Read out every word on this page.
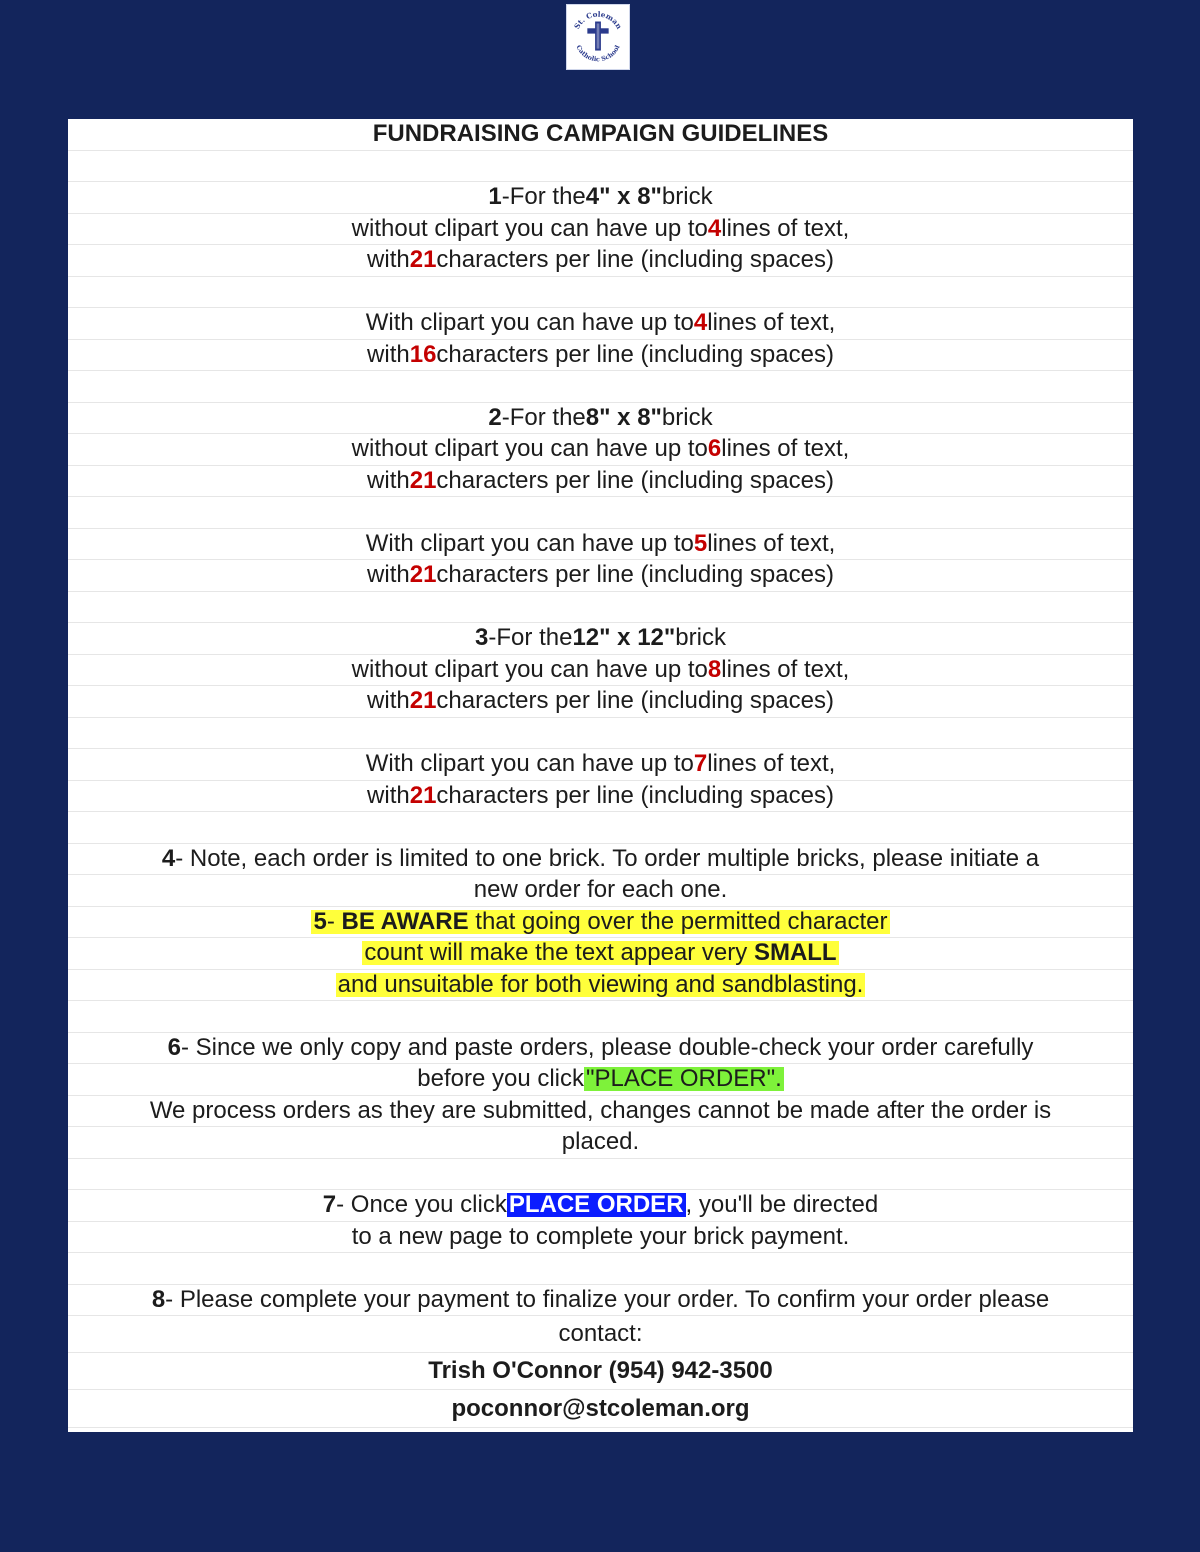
St. Coleman
Catholic School
FUNDRAISING CAMPAIGN GUIDELINES
1 -For the 4" x 8" brick
without clipart you can have up to 4 lines of text,
with 21 characters per line (including spaces)
With clipart you can have up to 4 lines of text,
with 16 characters per line (including spaces)
2 -For the 8" x 8" brick
without clipart you can have up to 6 lines of text,
with 21 characters per line (including spaces)
With clipart you can have up to 5 lines of text,
with 21 characters per line (including spaces)
3 -For the 12" x 12" brick
without clipart you can have up to 8 lines of text,
with 21 characters per line (including spaces)
With clipart you can have up to 7 lines of text,
with 21 characters per line (including spaces)
4 - Note, each order is limited to one brick. To order multiple bricks, please initiate a
new order for each one.
5- BE AWARE that going over the permitted character
count will make the text appear very SMALL
and unsuitable for both viewing and sandblasting.
6 - Since we only copy and paste orders, please double-check your order carefully
before you click "PLACE ORDER".
We process orders as they are submitted, changes cannot be made after the order is
placed.
7 - Once you click PLACE ORDER , you'll be directed
to a new page to complete your brick payment.
8 - Please complete your payment to finalize your order. To confirm your order please
contact:
Trish O'Connor (954) 942-3500
poconnor@stcoleman.org
